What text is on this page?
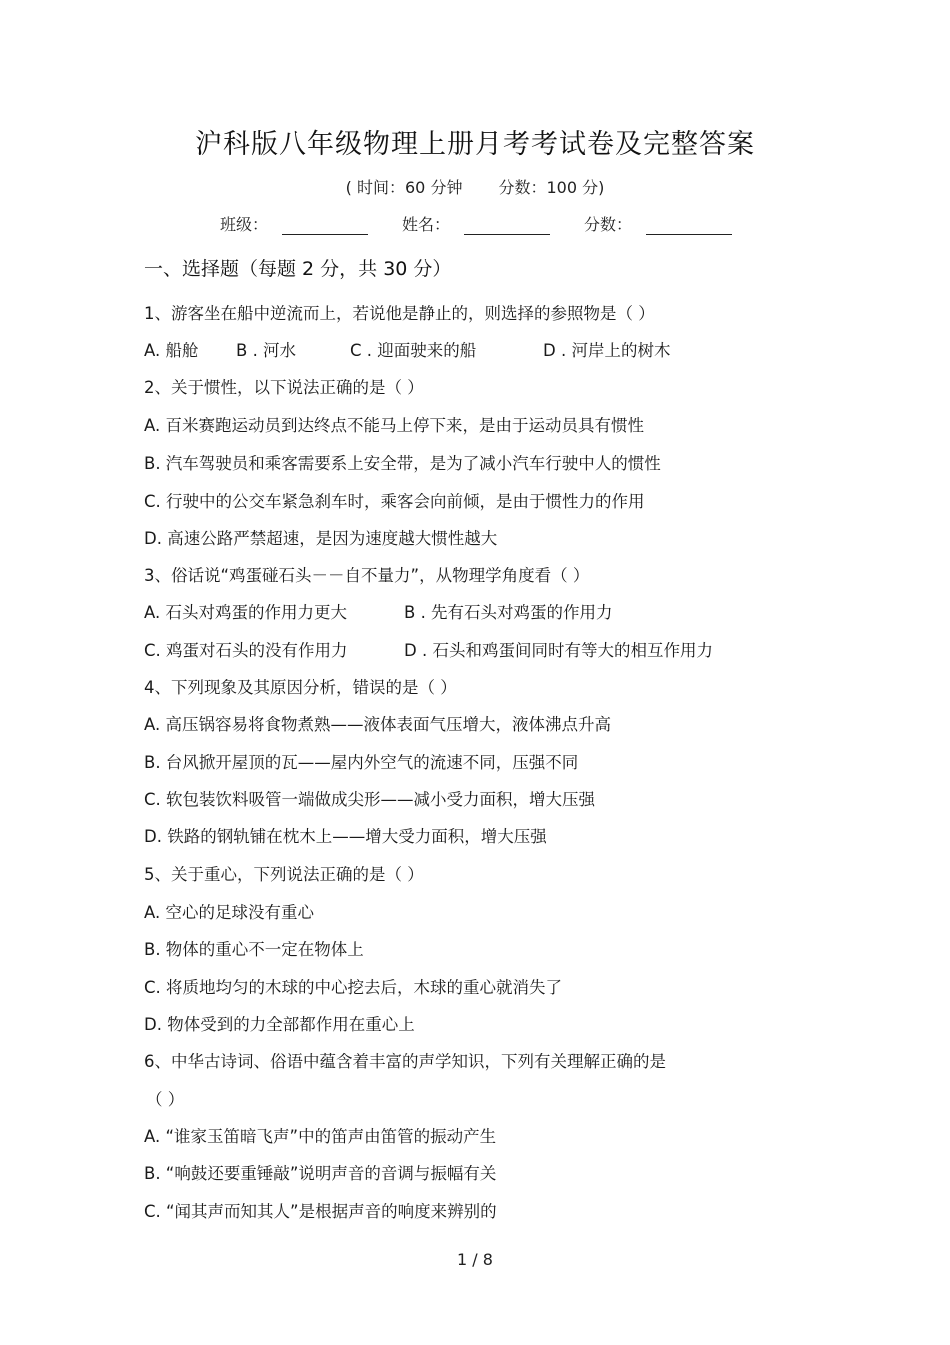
沪科版八年级物理上册月考考试卷及完整答案
( 时间：60 分钟 分数：100 分)
班级：	姓名：	分数：
一、选择题（每题 2 分，共 30 分）
1、游客坐在船中逆流而上，若说他是静止的，则选择的参照物是（ ）
A. 船舱 B . 河水	C . 迎面驶来的船	D . 河岸上的树木
2、关于惯性，以下说法正确的是（ ）
A. 百米赛跑运动员到达终点不能马上停下来，是由于运动员具有惯性
B. 汽车驾驶员和乘客需要系上安全带，是为了减小汽车行驶中人的惯性
C. 行驶中的公交车紧急刹车时，乘客会向前倾，是由于惯性力的作用
D. 高速公路严禁超速，是因为速度越大惯性越大
3、俗话说“鸡蛋碰石头－－自不量力”，从物理学角度看（ ）
A. 石头对鸡蛋的作用力更大	B . 先有石头对鸡蛋的作用力
C. 鸡蛋对石头的没有作用力	D . 石头和鸡蛋间同时有等大的相互作用力
4、下列现象及其原因分析，错误的是（ ）
A. 高压锅容易将食物煮熟——液体表面气压增大，液体沸点升高
B. 台风掀开屋顶的瓦——屋内外空气的流速不同，压强不同
C. 软包装饮料吸管一端做成尖形——减小受力面积，增大压强
D. 铁路的钢轨铺在枕木上——增大受力面积，增大压强
5、关于重心，下列说法正确的是（ ）
A. 空心的足球没有重心
B. 物体的重心不一定在物体上
C. 将质地均匀的木球的中心挖去后，木球的重心就消失了
D. 物体受到的力全部都作用在重心上
6、中华古诗词、俗语中蕴含着丰富的声学知识，下列有关理解正确的是
（ ）
A. “谁家玉笛暗飞声”中的笛声由笛管的振动产生
B. “响鼓还要重锤敲”说明声音的音调与振幅有关
C. “闻其声而知其人”是根据声音的响度来辨别的
1 / 8
